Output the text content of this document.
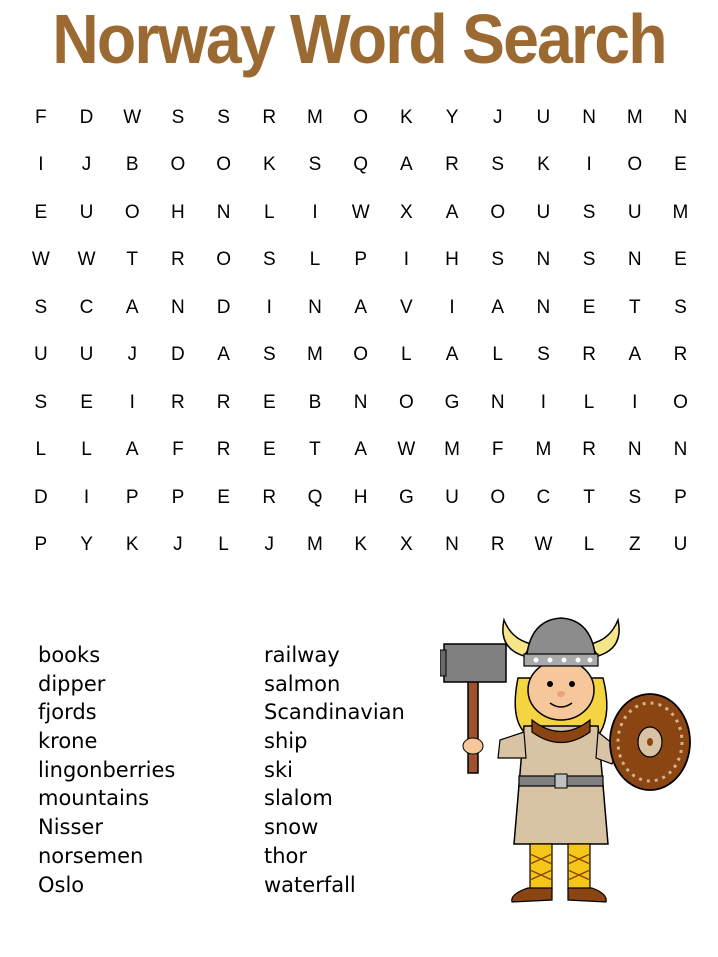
Norway Word Search
F	D	W	S	S	R	M	O	K	Y	J	U	N	M	N
I	J	B	O	O	K	S	Q	A	R	S	K	I	O	E
E	U	O	H	N	L	I	W	X	A	O	U	S	U	M
W	W	T	R	O	S	L	P	I	H	S	N	S	N	E
S	C	A	N	D	I	N	A	V	I	A	N	E	T	S
U	U	J	D	A	S	M	O	L	A	L	S	R	A	R
S	E	I	R	R	E	B	N	O	G	N	I	L	I	O
L	L	A	F	R	E	T	A	W	M	F	M	R	N	N
D	I	P	P	E	R	Q	H	G	U	O	C	T	S	P
P	Y	K	J	L	J	M	K	X	N	R	W	L	Z	U
books
dipper
fjords
krone
lingonberries
mountains
Nisser
norsemen
Oslo
railway
salmon
Scandinavian
ship
ski
slalom
snow
thor
waterfall
